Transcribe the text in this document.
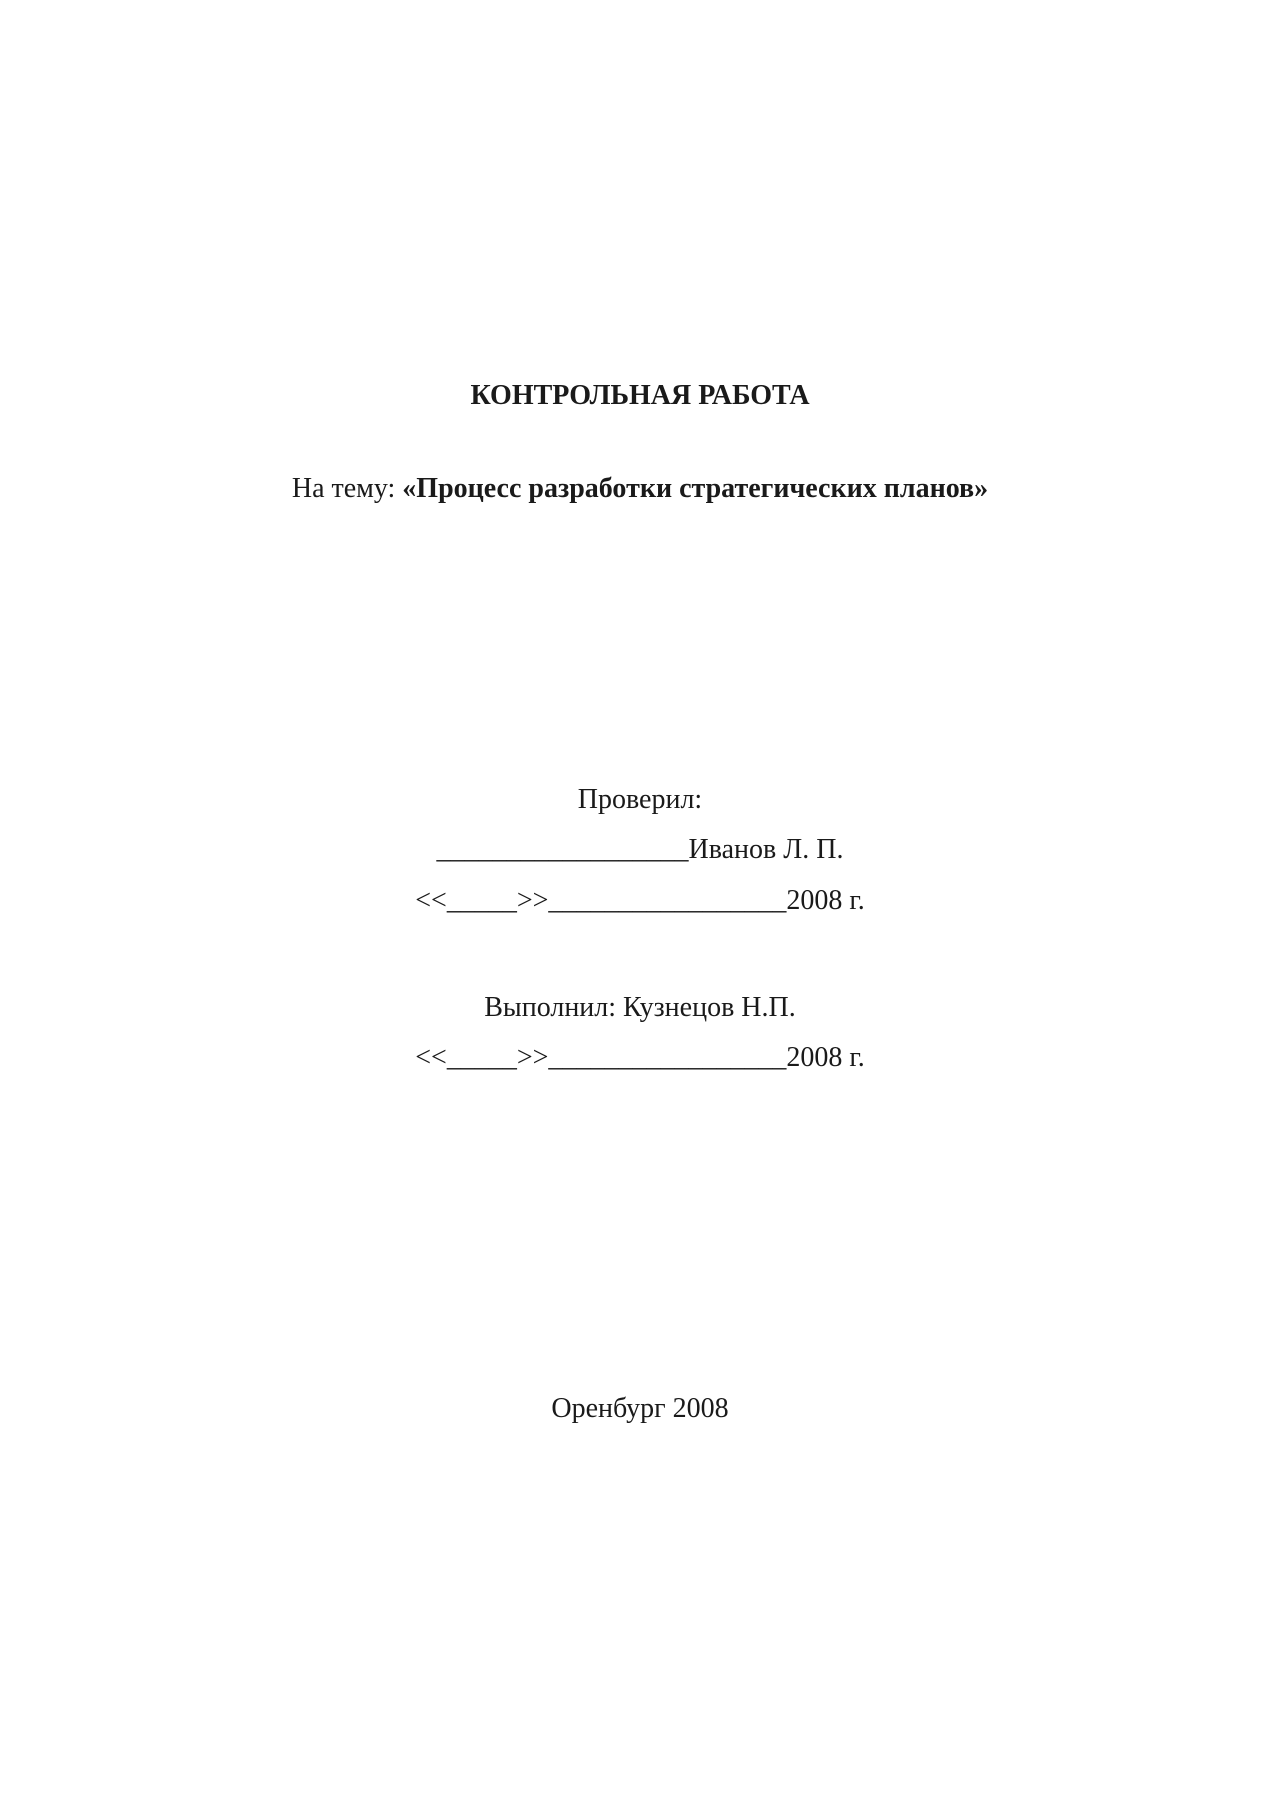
КОНТРОЛЬНАЯ РАБОТА
На тему: «Процесс разработки стратегических планов»
Проверил:
__________________Иванов Л. П.
<<_____>>_________________2008 г.
Выполнил: Кузнецов Н.П.
<<_____>>_________________2008 г.
Оренбург 2008
